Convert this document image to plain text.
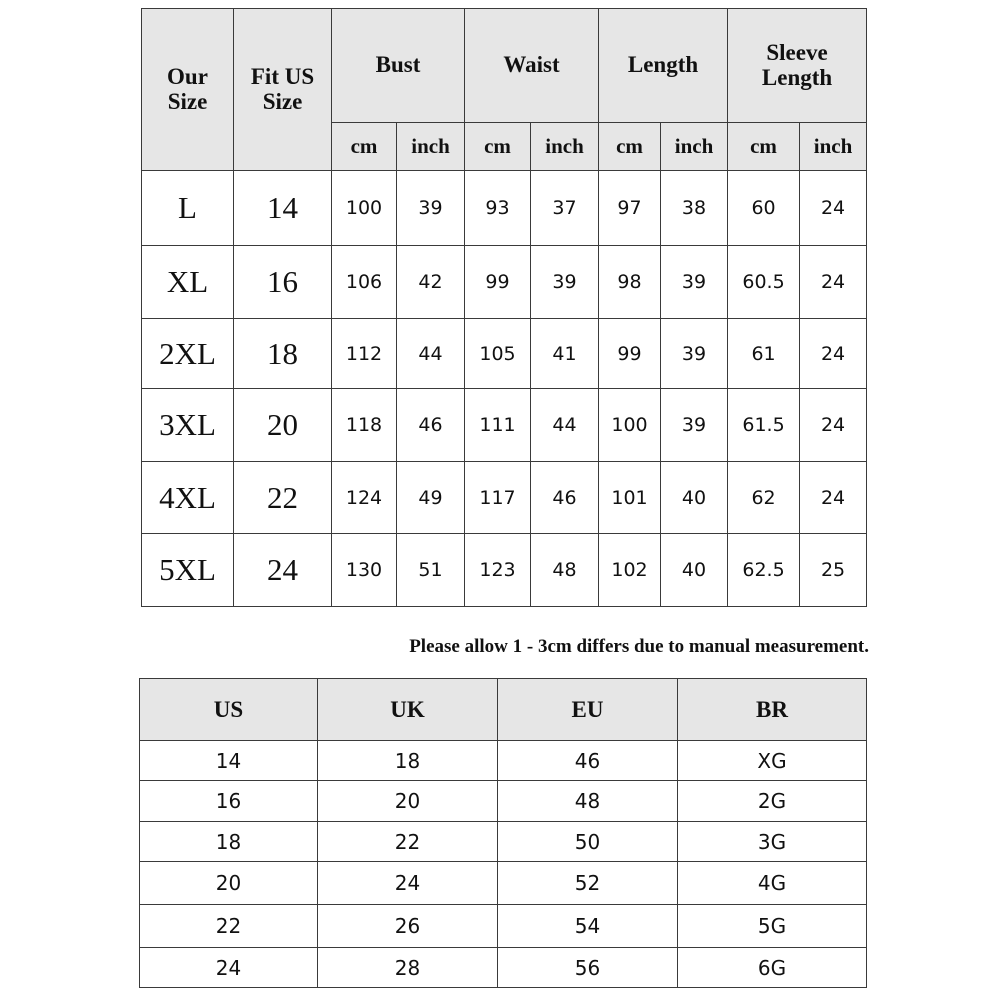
Our Size	Fit US Size	Bust		Waist		Length		Sleeve Length	
		cm	inch	cm	inch	cm	inch	cm	inch
L	14	100	39	93	37	97	38	60	24
XL	16	106	42	99	39	98	39	60.5	24
2XL	18	112	44	105	41	99	39	61	24
3XL	20	118	46	111	44	100	39	61.5	24
4XL	22	124	49	117	46	101	40	62	24
5XL	24	130	51	123	48	102	40	62.5	25
Please allow 1 - 3cm differs due to manual measurement.
US	UK	EU	BR
14	18	46	XG
16	20	48	2G
18	22	50	3G
20	24	52	4G
22	26	54	5G
24	28	56	6G
